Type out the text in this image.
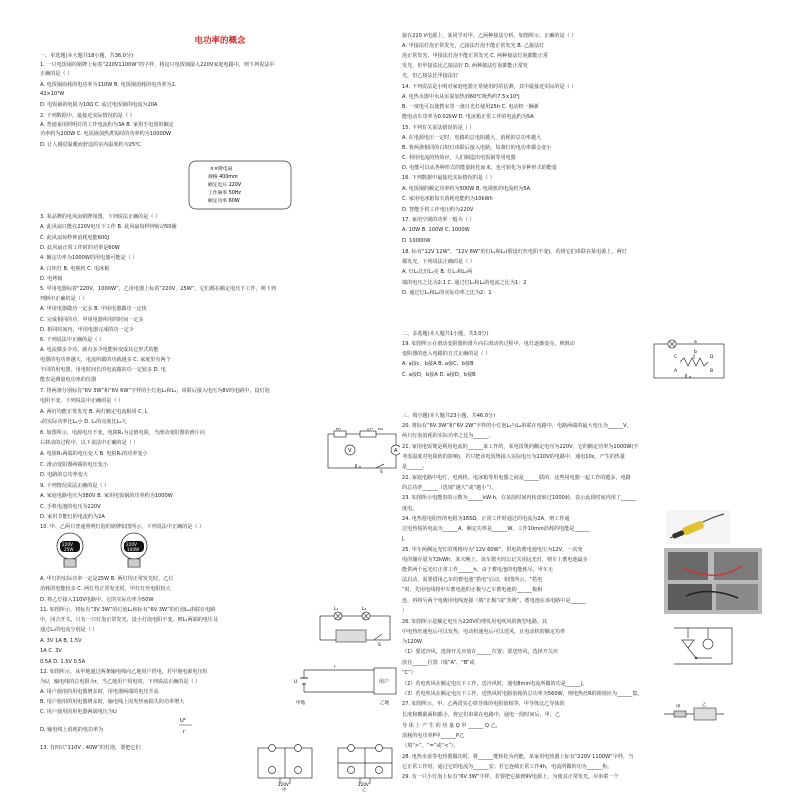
电功率的概念
一、单选题(本大题共18小题，共36.0分)
1. 一只电饭锅的铭牌上标着“220V1100W”的字样，将这只电饭锅接入220V家庭电路中，则下列说法中
正确的是（ ）
A. 电饭锅消耗的电功率为110W B. 电饭锅消耗的电功率为2.
42×10⁴W
D. 电饭锅的电阻为10Ω C. 流过电饭锅的电流为20A
2. 下列数据中，最接近实际情况的是（ ）
A. 普通家用照明灯的工作电流约为3A B. 家用手电筒的额定
功率约为200W C. 电饭锅加热煮饭时的功率约为10000W
D. 让人感觉温暖而舒适的室内温度约为25℃
3. 某品牌的电风扇铭牌如图，下列说法正确的是（ ）
A. 此风扇只能在220V电压下工作 B. 此风扇每秒钟转动50圈
C. 此风扇每秒钟消耗电能600J
D. 此风扇正常工作时的功率是60W
4. 额定功率为1000W的用电器可能是（ ）
A. 白炽灯 B. 电视机 C. 电冰箱
D. 电烤箱
5. 甲用电器标着“220V，1000W”，乙用电器上标着“220V，25W”，它们都在额定电压下工作，则下列
判断中正确的是（ ）
A. 甲用电器做功一定多 B. 甲用电器做功一定快
C. 完成相同的功，甲用电器所用的时间一定多
D. 相同时间内，甲用电器完成的功一定少
6. 下列说法中正确的是（ ）
A. 电流做多少功，就有多少电能转变成其它形式的能
电器的电功率越大，电流所做的功就越多 C. 家庭里有两个
不同的用电器，用电时间长的电流做的功一定较多 D. 电
能表是测量电功率的仪器
7. 将两盏分别标有“6V 3W”和“6V 6W”字样的小灯泡L₁和L₂，串联后接入电压为8V的电路中，设灯泡
电阻不变，下列说法中正确的是（ ）
A. 两灯均能正常发光 B. 两灯额定电流相同 C. L
₁的实际功率比L₂小 D. L₁的亮度比L₂大
8. 如图所示，电源电压不变，电阻R₁为定值电阻，当滑动变阻器的滑片向
右移动的过程中，以下说法中正确的是（ ）
A. 电阻R₁两端的电压变大 B. 电阻R₁的功率变小
C. 滑动变阻器两端的电压变小
D. 电路的总功率变大
9. 下列情况说法正确的是（ ）
A. 家庭电路电压为380V B. 家用电饭锅的功率约为1000W
C. 手机电池的电压为220V
D. 家用节能灯的电流约为2A
10. 甲、乙两只普通照明灯泡的铭牌如图所示，下列说法中正确的是（ ）
A. 甲灯的实际功率一定是25W B. 两灯均正常发光时，乙灯
消耗的电能较多 C. 两灯均正常发光时，甲灯灯丝电阻较大
D. 将乙灯接入110V电路中，它的实际功率为50W
11. 如图所示，将标有“3V 3W”的灯泡L₁和标有“6V 3W”的灯泡L₂串联在电路
中，闭合开关，只有一只灯泡正常发光，设小灯泡电阻不变，则L₁两端的电压及
通过L₁的电流分别是（ ）
A. 3V 1A B. 1.5V
1A C. 3V
0.5A D. 1.5V 0.5A
12. 如图所示，从甲地通过两条输电线向乙地用户供电，若甲地电源电压恒
为U，输电线的总电阻为r，当乙地用户用电时，下列说法正确的是（ ）
A. 用户使用的用电器增多时，用电器两端的电压升高
B. 用户使用的用电器增多时，输电线上因发热而损失的功率增大
C. 用户使用的用电器两端电压为U
D. 输电线上消耗的电功率为
13. 有四只“110V , 40W”的灯泡，要把它们
××牌电扇
规格 400mm
额定电压 220V
工作频率 50Hz
额定功率 60W
R₁	P R₂
V	A
S
220V
25W
220V
100W
L₁	L₂
S
U
r
用户
甲地	乙地
U²
r
220V
甲
220V
乙
接在220 V电源上，某同学对甲、乙两种接法分析，如图所示，正确的是（ ）
A. 甲接法灯泡正常发光，乙接法灯泡不能正常发光 B. 乙接法灯
泡正常发光，甲接法灯泡不能正常发光 C. 两种接法灯泡都能正常
发光，但甲接法比乙接法好 D. 两种接法灯泡都能正常发
光，但乙接法比甲接法好
14. 下列说法是小明对家庭电器正常使用时的估测，其中最接近实际的是（ ）
A. 电热水器中水从室温加热到60℃吸热约7.5×10⁵J
B. 一度电可以使教室里一盏日光灯使用25h C. 电动机一辆新
能电动车功率为0.02kW D. 电冰箱正常工作的电流约为5A
15. 下列有关说法错误的是（ ）
A. 在电源电压一定时，电路的总电阻越大，消耗的总功率越大
B. 将两盏相同的白炽灯串联后接入电路，每盏灯的电功率都会变小
C. 利用电流的热效应，人们制造出电饭锅等用电器
D. 电能可以从各种形式的能量转化而来，也可转化为多种形式的能量
16. 下列数据中最接近实际情况的是（ ）
A. 电饭锅的额定功率约为500W B. 电视机的电流约为5A
C. 家用电冰箱每天消耗电能约为10kWh
D. 智能手机工作电压约为220V
17. 家用空调的功率一般为（ ）
A. 10W B. 100W C. 1000W
D. 10000W
18. 标有“12V 12W”、“12V 6W”的灯L₁和L₂(假设灯丝电阻不变)，若将它们串联在某电源上，两灯
都发光，下列说法正确的是（ ）
A. 灯L₁比灯L₂亮 B. 灯L₁和L₂两
端的电压之比为2:1 C. 通过灯L₁和L₂的电流之比为1：2
D. 通过灯L₁和L₂的实际功率之比为2：1
二、多选题(本大题共1小题，共3.0分)
19. 如图所示在滑动变阻器的滑片向右滑动的过程中，电灯逐渐变亮，则滑动
变阻器的连入电路的方式正确的是（ ）
A. a接c，b接A B. a接C，b接B
C. a接D，b接A D. a接D，b接B
三、填空题(本大题共23小题，共46.0分)
20. 将标有“6V 3W”和“6V 2W”字样的小灯泡L₁与L₂串联在电路中，电路两端的最大电压为______V，
两只灯泡消耗的实际功率之比为______。
21. 家用电饭煲是利用电流的______来工作的，某电饭煲的额定电压为220V，它的额定功率为1000W(不
考虑温度对电阻值的影响)，若只把该电饭煲接入实际电压为110V的电路中，通电10s，产生的热量
是______。
22. 家庭电路中电灯、电视机、电冰箱等用电器之间是______联的，这些用电器一起工作的越多，电路
的总功率______（选填“越大”或“越小”）。
23. 如图所示电能表的示数为______kW·h，在某段时间内转盘转过1000转，表示此段时间内用了______
度电。
24. 电热毯电阻丝的电阻为165Ω，正常工作时通过的电流为2A，则工作通
过电热毯的电流为______A，额定功率是______W，工作10min消耗的电能是______
J。
25. 甲车两侧远光灯的规格均为“12V 60W”，供电的蓄电池电压为12V，一次充
电的储存量为72kWh，某天晚上，该车熄火时忘记关闭远光灯，则车上蓄电池最多
能供两个远光灯正常工作______h。由于蓄电池的电能耗尽，甲车无
法启动，需要借用乙车的蓄电池“搭电”启动，如图所示。“搭电
”时，先用电线将甲车蓄电池的正极与乙车蓄电池的______极相
连，再将另两个电极用电线连接（填“正极”或“负极”，蓄电池在该电路中是______
）
26. 如图所示是额定电压为220V的理发用电吹风的典型电路，其
中电热丝通电后可以发热，电动机通电后可以送风，且电动机的额定功率
为120W
（1）要送冷风，选择开关应放在______位置；要送热风，选择开关应
放在______位置（填“A”、“B”或
“C”）
（2）若电吹风在额定电压下工作，送冷风时，通电8min电流所做的功是______J，
（3）若电吹风在额定电压下工作，送热风时电路消耗的总功率为560W，则电热丝R的阻值应为______集。
27. 如图所示，甲、乙两段实心铁导体的电阻值相等，甲导体比乙导体的
长度和横截面积都小，将它们串联在电路中，通电一段时间后，甲、乙
导 体 上 产 生 的 热 量 Q 甲 ______ Q 乙，
消耗的电功率P甲______P乙
（填“>”、“=”或“<”）。
28. 电热水壶等电热器做功时，将______能转化为内能，某家用电热器上标有“220V 1100W”字样，当
它正常工作时，通过它的电流为______安；若它连续正常工作4h，电流所做的功为______焦。
29. 有一只小灯泡上标有“6V 3W”字样，若要把它接到9V电源上，为使其正常发光，应串联一个
a
b
A	B
C	D
甲	乙
